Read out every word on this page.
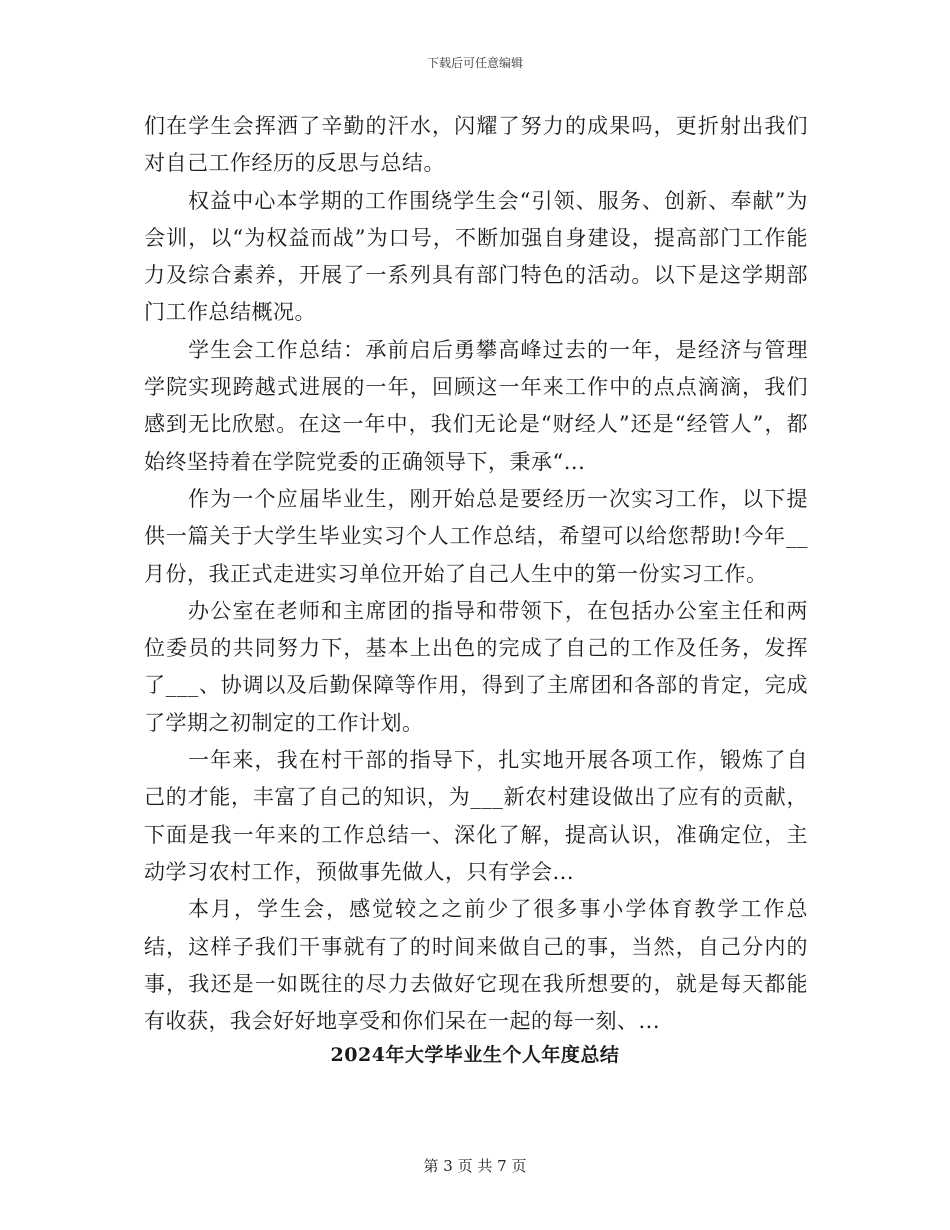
下载后可任意编辑

们在学生会挥洒了辛勤的汗水，闪耀了努力的成果吗，更折射出我们对自己工作经历的反思与总结。

权益中心本学期的工作围绕学生会“引领、服务、创新、奉献”为会训，以“为权益而战”为口号，不断加强自身建设，提高部门工作能力及综合素养，开展了一系列具有部门特色的活动。以下是这学期部门工作总结概况。

学生会工作总结：承前启后勇攀高峰过去的一年，是经济与管理学院实现跨越式进展的一年，回顾这一年来工作中的点点滴滴，我们感到无比欣慰。在这一年中，我们无论是“财经人”还是“经管人”，都始终坚持着在学院党委的正确领导下，秉承“...

作为一个应届毕业生，刚开始总是要经历一次实习工作，以下提供一篇关于大学生毕业实习个人工作总结，希望可以给您帮助!今年__月份，我正式走进实习单位开始了自己人生中的第一份实习工作。

办公室在老师和主席团的指导和带领下，在包括办公室主任和两位委员的共同努力下，基本上出色的完成了自己的工作及任务，发挥了___、协调以及后勤保障等作用，得到了主席团和各部的肯定，完成了学期之初制定的工作计划。

一年来，我在村干部的指导下，扎实地开展各项工作，锻炼了自己的才能，丰富了自己的知识，为___新农村建设做出了应有的贡献，下面是我一年来的工作总结一、深化了解，提高认识，准确定位，主动学习农村工作，预做事先做人，只有学会...

本月，学生会，感觉较之之前少了很多事小学体育教学工作总结，这样子我们干事就有了的时间来做自己的事，当然，自己分内的事，我还是一如既往的尽力去做好它现在我所想要的，就是每天都能有收获，我会好好地享受和你们呆在一起的每一刻、...

2024年大学毕业生个人年度总结
第 3 页 共 7 页
